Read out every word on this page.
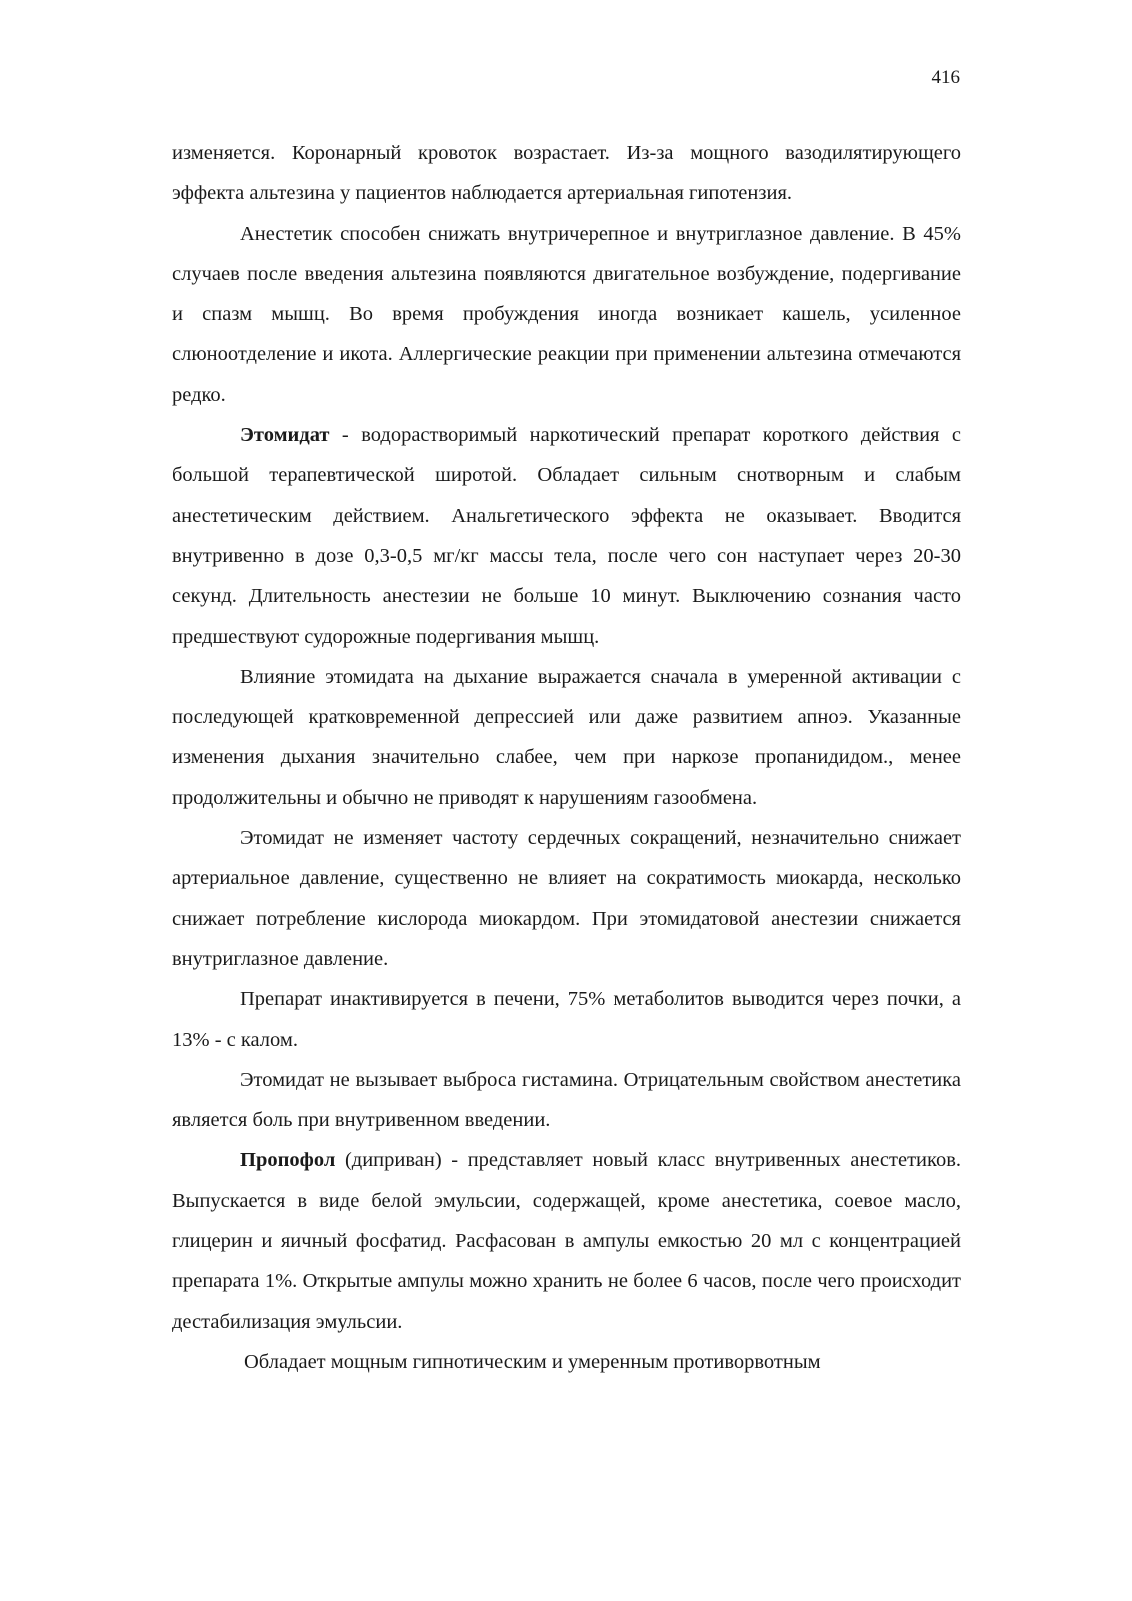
416

изменяется. Коронарный кровоток возрастает. Из-за мощного вазодилятирующего эффекта альтезина у пациентов наблюдается артериальная гипотензия.

Анестетик способен снижать внутричерепное и внутриглазное давление. В 45% случаев после введения альтезина появляются двигательное возбуждение, подергивание и спазм мышц. Во время пробуждения иногда возникает кашель, усиленное слюноотделение и икота. Аллергические реакции при применении альтезина отмечаются редко.

Этомидат - водорастворимый наркотический препарат короткого действия с большой терапевтической широтой. Обладает сильным снотворным и слабым анестетическим действием. Анальгетического эффекта не оказывает. Вводится внутривенно в дозе 0,3-0,5 мг/кг массы тела, после чего сон наступает через 20-30 секунд. Длительность анестезии не больше 10 минут. Выключению сознания часто предшествуют судорожные подергивания мышц.

Влияние этомидата на дыхание выражается сначала в умеренной активации с последующей кратковременной депрессией или даже развитием апноэ. Указанные изменения дыхания значительно слабее, чем при наркозе пропанидидом., менее продолжительны и обычно не приводят к нарушениям газообмена.

Этомидат не изменяет частоту сердечных сокращений, незначительно снижает артериальное давление, существенно не влияет на сократимость миокарда, несколько снижает потребление кислорода миокардом. При этомидатовой анестезии снижается внутриглазное давление.

Препарат инактивируется в печени, 75% метаболитов выводится через почки, а 13% - с калом.

Этомидат не вызывает выброса гистамина. Отрицательным свойством анестетика является боль при внутривенном введении.

Пропофол (диприван) - представляет новый класс внутривенных анестетиков. Выпускается в виде белой эмульсии, содержащей, кроме анестетика, соевое масло, глицерин и яичный фосфатид. Расфасован в ампулы емкостью 20 мл с концентрацией препарата 1%. Открытые ампулы можно хранить не более 6 часов, после чего происходит дестабилизация эмульсии.

Обладает мощным гипнотическим и умеренным противорвотным
